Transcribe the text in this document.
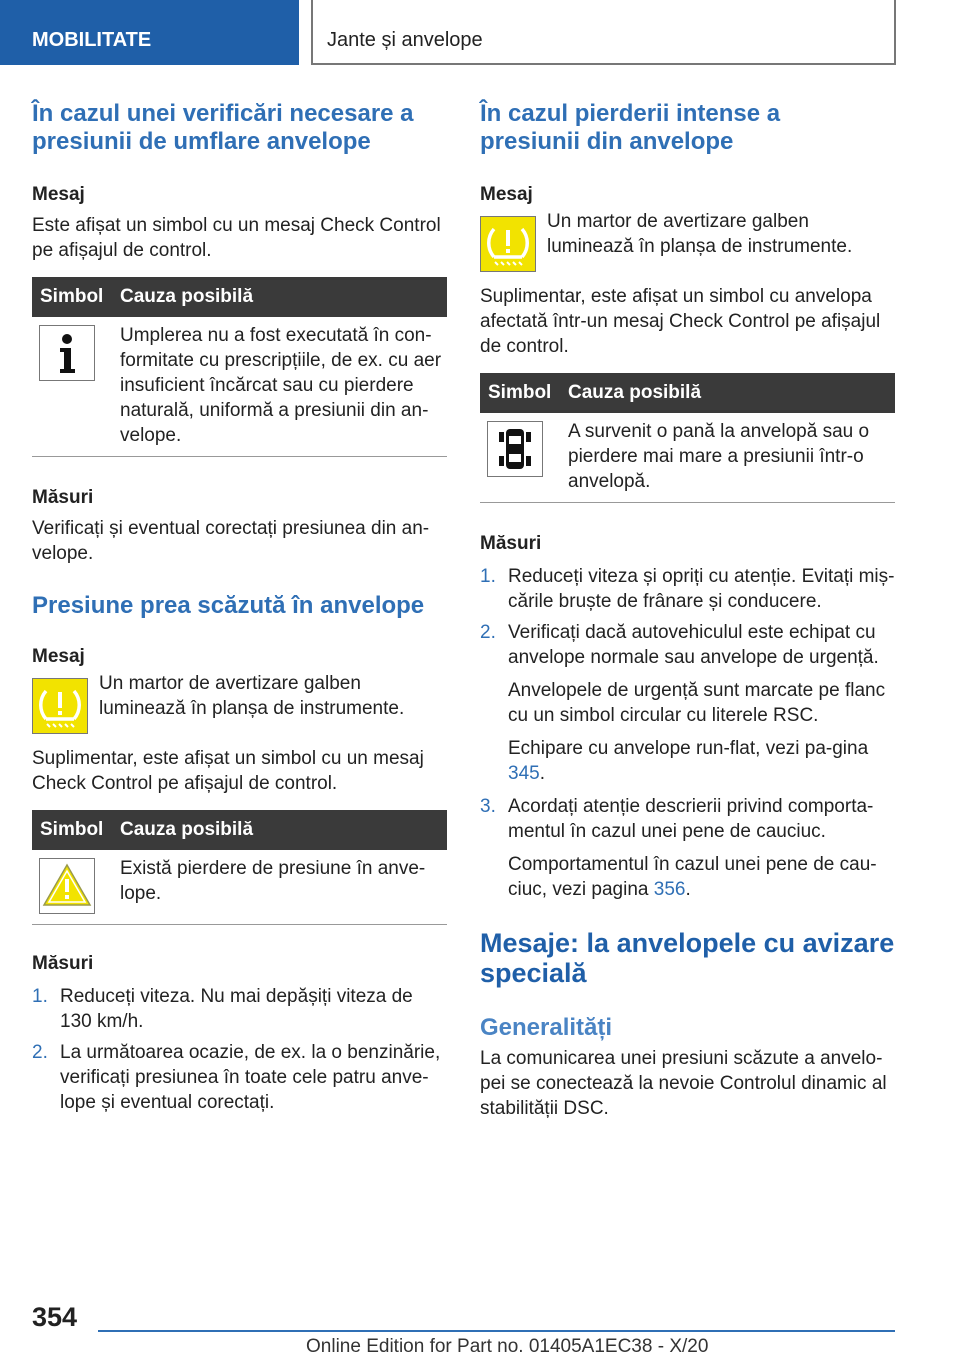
MOBILITATE	Jante și anvelope
În cazul unei verificări necesare a presiunii de umflare anvelope
Mesaj

Este afișat un simbol cu un mesaj Check Control pe afișajul de control.

Simbol Cauza posibilă
Umplerea nu a fost executată în con-formitate cu prescripțiile, de ex. cu aer insuficient încărcat sau cu pierdere naturală, uniformă a presiunii din an-velope.
Măsuri

Verificați și eventual corectați presiunea din an-velope.

Presiune prea scăzută în anvelope
Mesaj
Un martor de avertizare galben luminează în planșa de instrumente.

Suplimentar, este afișat un simbol cu un mesaj Check Control pe afișajul de control.

Simbol Cauza posibilă
Există pierdere de presiune în anve-lope.
Măsuri
1. Reduceți viteza. Nu mai depășiți viteza de 130 km/h.
2. La următoarea ocazie, de ex. la o benzinărie, verificați presiunea în toate cele patru anve-lope și eventual corectați.
În cazul pierderii intense a presiunii din anvelope
Mesaj
Un martor de avertizare galben luminează în planșa de instrumente.

Suplimentar, este afișat un simbol cu anvelopa afectată într-un mesaj Check Control pe afișajul de control.

Simbol Cauza posibilă
A survenit o pană la anvelopă sau o pierdere mai mare a presiunii într-o anvelopă.
Măsuri
1. Reduceți viteza și opriți cu atenție. Evitați miș-cările bruște de frânare și conducere.
2. Verificați dacă autovehiculul este echipat cu anvelope normale sau anvelope de urgență.
Anvelopele de urgență sunt marcate pe flanc cu un simbol circular cu literele RSC.
Echipare cu anvelope run-flat, vezi pa-gina 345.
3. Acordați atenție descrierii privind comporta-mentul în cazul unei pene de cauciuc.
Comportamentul în cazul unei pene de cau-ciuc, vezi pagina 356.
Mesaje: la anvelopele cu avizare specială
Generalități

La comunicarea unei presiuni scăzute a anvelo-pei se conectează la nevoie Controlul dinamic al stabilității DSC.

354
Online Edition for Part no. 01405A1EC38 - X/20
